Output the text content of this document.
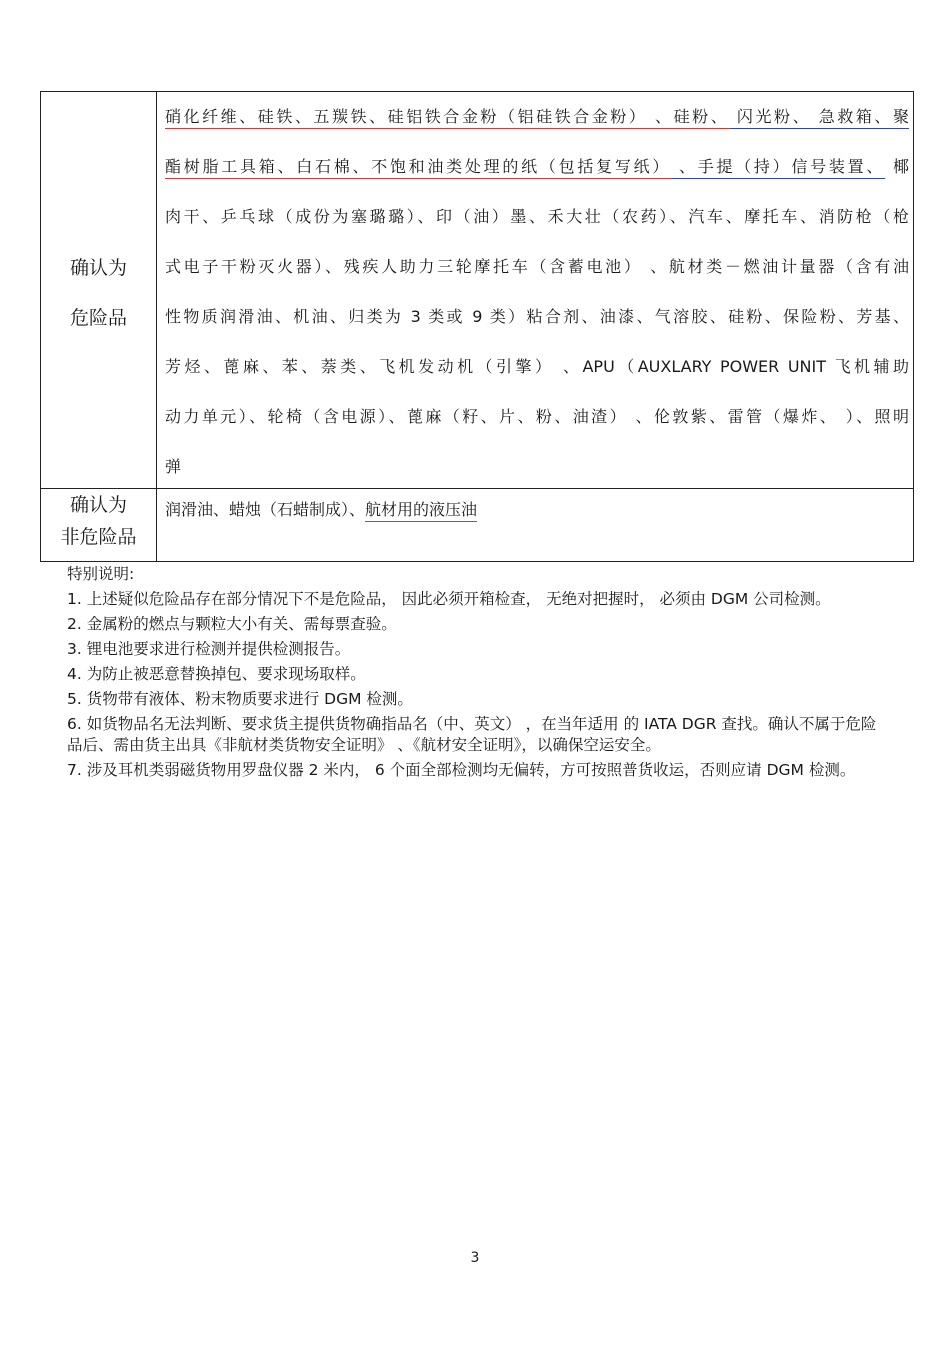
确认为
危险品
硝化纤维、硅铁、五羰铁、硅铝铁合金粉（铝硅铁合金粉） 、硅粉、 闪光粉、 急救箱、聚
酯树脂工具箱、白石棉、不饱和油类处理的纸（包括复写纸） 、手提（持）信号装置、 椰
肉干、乒乓球（成份为塞璐璐）、印（油）墨、禾大壮（农药）、汽车、摩托车、消防枪（枪
式电子干粉灭火器）、残疾人助力三轮摩托车（含蓄电池） 、航材类－燃油计量器（含有油
性物质润滑油、机油、归类为 3 类或 9 类）粘合剂、油漆、气溶胶、硅粉、保险粉、芳基、
芳烃、蓖麻、苯、萘类、飞机发动机（引擎） 、APU（AUXLARY POWER UNIT 飞机辅助
动力单元）、轮椅（含电源）、蓖麻（籽、片、粉、油渣） 、伦敦紫、雷管（爆炸、 ）、照明
弹
确认为
非危险品
润滑油、蜡烛（石蜡制成）、航材用的液压油
特别说明:
1. 上述疑似危险品存在部分情况下不是危险品， 因此必须开箱检查， 无绝对把握时， 必须由 DGM 公司检测。
2. 金属粉的燃点与颗粒大小有关、需每票查验。
3. 锂电池要求进行检测并提供检测报告。
4. 为防止被恶意替换掉包、要求现场取样。
5. 货物带有液体、粉末物质要求进行 DGM 检测。
6. 如货物品名无法判断、要求货主提供货物确指品名（中、英文） ，在当年适用 的 IATA DGR 查找。确认不属于危险品后、需由货主出具《非航材类货物安全证明》 、《航材安全证明》，以确保空运安全。
7. 涉及耳机类弱磁货物用罗盘仪器 2 米内， 6 个面全部检测均无偏转，方可按照普货收运，否则应请 DGM 检测。
3
